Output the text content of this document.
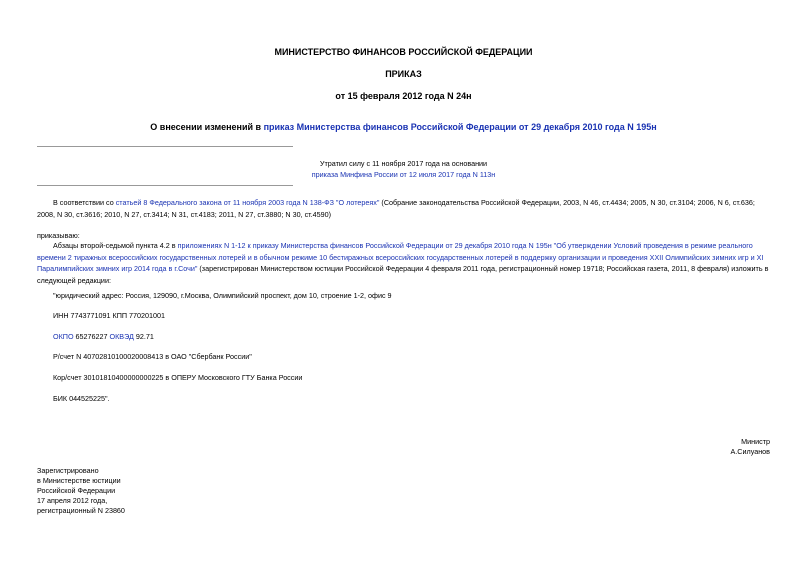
МИНИСТЕРСТВО ФИНАНСОВ РОССИЙСКОЙ ФЕДЕРАЦИИ
ПРИКАЗ
от 15 февраля 2012 года N 24н
О внесении изменений в приказ Министерства финансов Российской Федерации от 29 декабря 2010 года N 195н
Утратил силу с 11 ноября 2017 года на основании
приказа Минфина России от 12 июля 2017 года N 113н
В соответствии со статьей 8 Федерального закона от 11 ноября 2003 года N 138-ФЗ "О лотереях" (Собрание законодательства Российской Федерации, 2003, N 46, ст.4434; 2005, N 30, ст.3104; 2006, N 6, ст.636; 2008, N 30, ст.3616; 2010, N 27, ст.3414; N 31, ст.4183; 2011, N 27, ст.3880; N 30, ст.4590)
приказываю:
Абзацы второй-седьмой пункта 4.2 в приложениях N 1-12 к приказу Министерства финансов Российской Федерации от 29 декабря 2010 года N 195н "Об утверждении Условий проведения в режиме реального времени 2 тиражных всероссийских государственных лотерей и в обычном режиме 10 бестиражных всероссийских государственных лотерей в поддержку организации и проведения XXII Олимпийских зимних игр и XI Паралимпийских зимних игр 2014 года в г.Сочи" (зарегистрирован Министерством юстиции Российской Федерации 4 февраля 2011 года, регистрационный номер 19718; Российская газета, 2011, 8 февраля) изложить в следующей редакции:
"юридический адрес: Россия, 129090, г.Москва, Олимпийский проспект, дом 10, строение 1-2, офис 9
ИНН 7743771091 КПП 770201001
ОКПО 65276227 ОКВЭД 92.71
Р/счет N 40702810100020008413 в ОАО "Сбербанк России"
Кор/счет 30101810400000000225 в ОПЕРУ Московского ГТУ Банка России
БИК 044525225".
Министр
А.Силуанов
Зарегистрировано
в Министерстве юстиции
Российской Федерации
17 апреля 2012 года,
регистрационный N 23860
